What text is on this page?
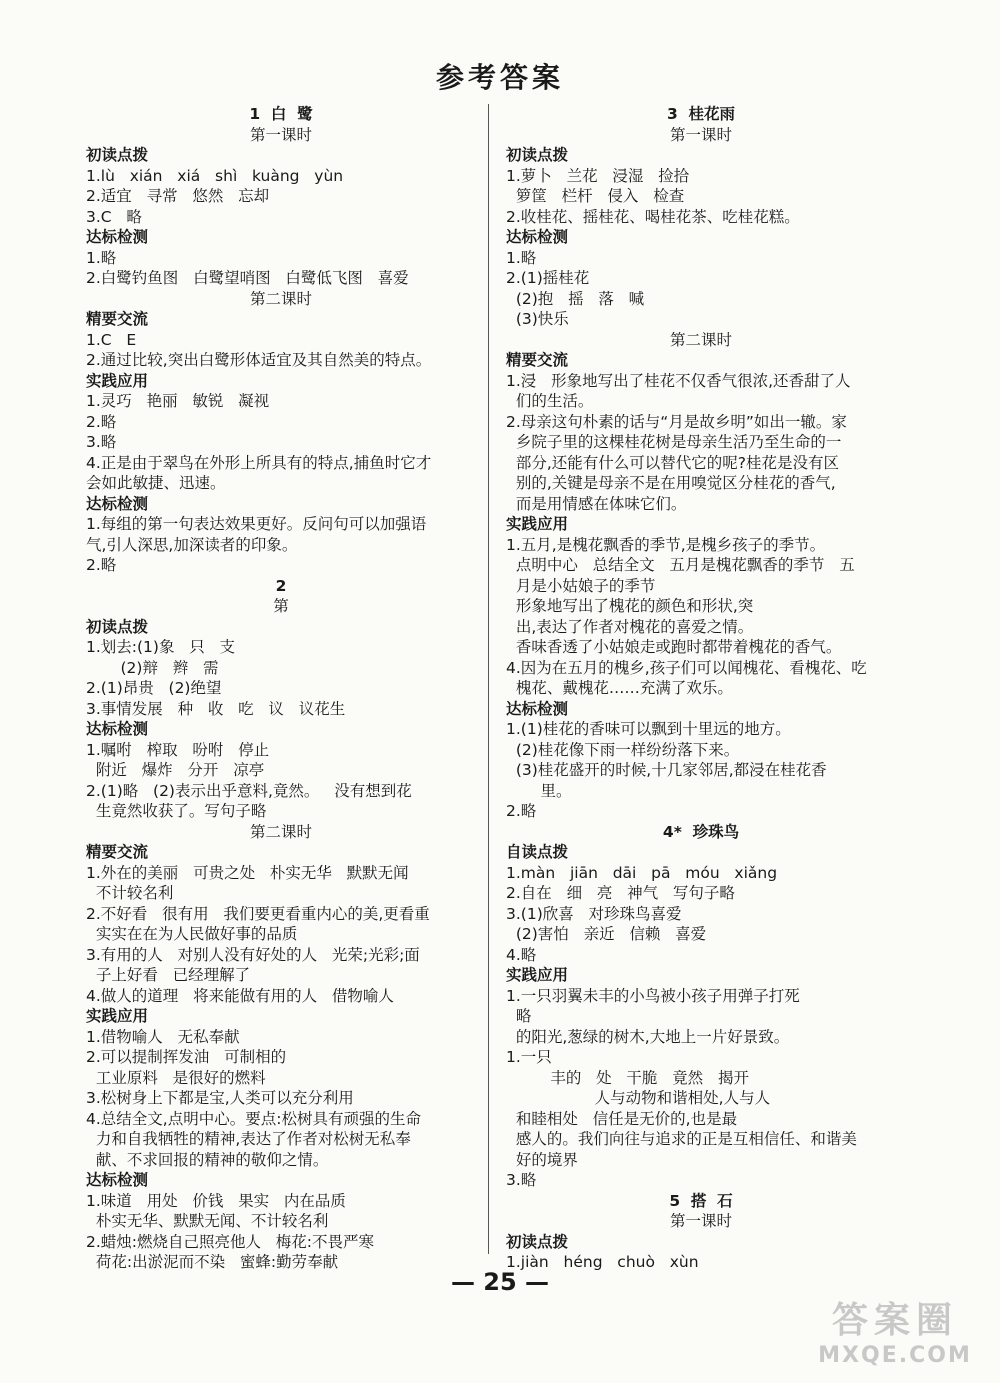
参考答案
1  白  鹭
第一课时
初读点拨
1.lù   xián   xiá   shì   kuàng   yùn
2.适宜   寻常   悠然   忘却
3.C   略
达标检测
1.略
2.白鹭钓鱼图   白鹭望哨图   白鹭低飞图   喜爱
第二课时
精要交流
1.C   E
2.通过比较,突出白鹭形体适宜及其自然美的特点。
实践应用
1.灵巧   艳丽   敏锐   凝视
2.略
3.略
4.正是由于翠鸟在外形上所具有的特点,捕鱼时它才
会如此敏捷、迅速。
达标检测
1.每组的第一句表达效果更好。反问句可以加强语
气,引人深思,加深读者的印象。
2.略
2
第
初读点拨
1.划去:(1)象   只   支
(2)辩   辫   需
2.(1)昂贵   (2)绝望
3.事情发展   种   收   吃   议   议花生
达标检测
1.嘱咐   榨取   吩咐   停止
附近   爆炸   分开   凉亭
2.(1)略   (2)表示出乎意料,竟然。   没有想到花
生竟然收获了。写句子略
第二课时
精要交流
1.外在的美丽   可贵之处   朴实无华   默默无闻
不计较名利
2.不好看   很有用   我们要更看重内心的美,更看重
实实在在为人民做好事的品质
3.有用的人   对别人没有好处的人   光荣;光彩;面
子上好看   已经理解了
4.做人的道理   将来能做有用的人   借物喻人
实践应用
1.借物喻人   无私奉献
2.可以提制挥发油   可制相的
工业原料   是很好的燃料
3.松树身上下都是宝,人类可以充分利用
4.总结全文,点明中心。要点:松树具有顽强的生命
力和自我牺牲的精神,表达了作者对松树无私奉
献、不求回报的精神的敬仰之情。
达标检测
1.味道   用处   价钱   果实   内在品质
朴实无华、默默无闻、不计较名利
2.蜡烛:燃烧自己照亮他人   梅花:不畏严寒
荷花:出淤泥而不染   蜜蜂:勤劳奉献
3  桂花雨
第一课时
初读点拨
1.萝卜   兰花   浸湿   捡拾
箩筐   栏杆   侵入   检查
2.收桂花、摇桂花、喝桂花茶、吃桂花糕。
达标检测
1.略
2.(1)摇桂花
(2)抱   摇   落   喊
(3)快乐
第二课时
精要交流
1.浸   形象地写出了桂花不仅香气很浓,还香甜了人
们的生活。
2.母亲这句朴素的话与“月是故乡明”如出一辙。家
乡院子里的这棵桂花树是母亲生活乃至生命的一
部分,还能有什么可以替代它的呢?桂花是没有区
别的,关键是母亲不是在用嗅觉区分桂花的香气,
而是用情感在体味它们。
实践应用
1.五月,是槐花飘香的季节,是槐乡孩子的季节。
点明中心   总结全文   五月是槐花飘香的季节   五
月是小姑娘子的季节
形象地写出了槐花的颜色和形状,突
出,表达了作者对槐花的喜爱之情。
香味香透了小姑娘走或跑时都带着槐花的香气。
4.因为在五月的槐乡,孩子们可以闻槐花、看槐花、吃
槐花、戴槐花……充满了欢乐。
达标检测
1.(1)桂花的香味可以飘到十里远的地方。
(2)桂花像下雨一样纷纷落下来。
(3)桂花盛开的时候,十几家邻居,都浸在桂花香
里。
2.略
4*  珍珠鸟
自读点拨
1.màn   jiān   dāi   pā   móu   xiǎng
2.自在   细   亮   神气   写句子略
3.(1)欣喜   对珍珠鸟喜爱
(2)害怕   亲近   信赖   喜爱
4.略
实践应用
1.一只羽翼未丰的小鸟被小孩子用弹子打死
略
的阳光,葱绿的树木,大地上一片好景致。
1.一只
丰的   处   干脆   竟然   揭开
人与动物和谐相处,人与人
和睦相处   信任是无价的,也是最
感人的。我们向往与追求的正是互相信任、和谐美
好的境界
3.略
5  搭  石
第一课时
初读点拨
1.jiàn   héng   chuò   xùn
— 25 —
答案圈
MXQE.COM
